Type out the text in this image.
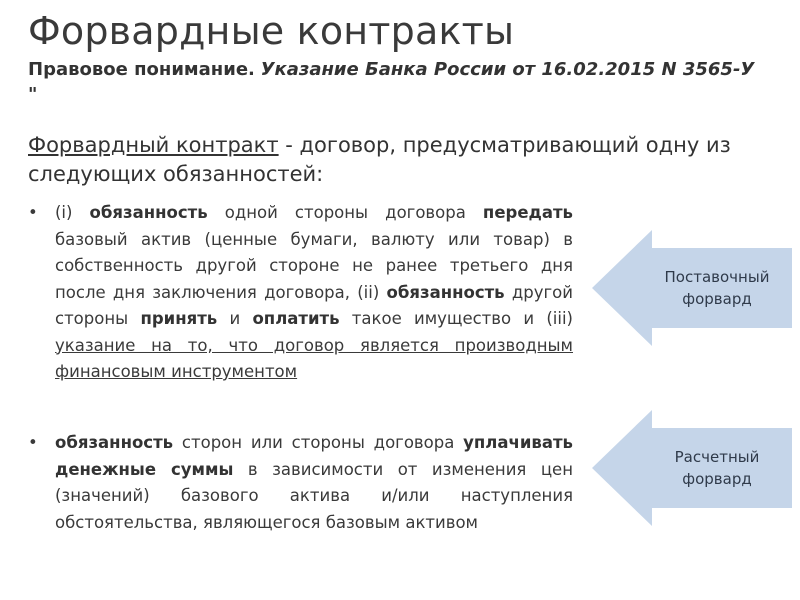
Форвардные контракты
Правовое понимание. Указание Банка России от 16.02.2015 N 3565-У "
Форвардный контракт - договор, предусматривающий одну из следующих обязанностей:
•	(i) обязанность одной стороны договора передать базовый актив (ценные бумаги, валюту или товар) в собственность другой стороне не ранее третьего дня после дня заключения договора, (ii) обязанность другой стороны принять и оплатить такое имущество и (iii) указание на то, что договор является производным финансовым инструментом
•	обязанность сторон или стороны договора уплачивать денежные суммы в зависимости от изменения цен (значений) базового актива и/или наступления обстоятельства, являющегося базовым активом
Поставочный
форвард
Расчетный
форвард
